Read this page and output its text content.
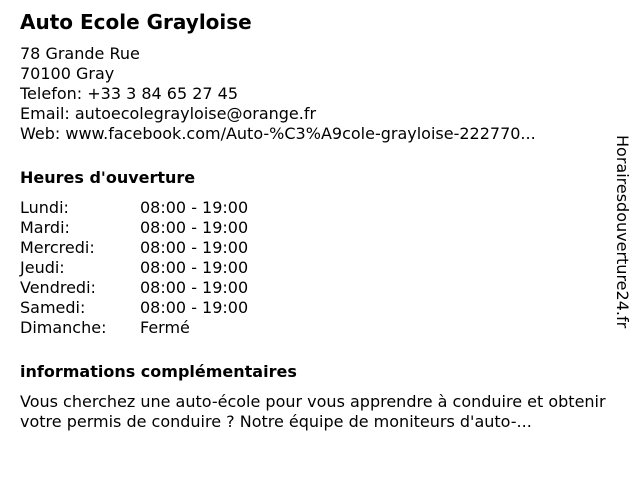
Auto Ecole Grayloise
78 Grande Rue
70100 Gray
Telefon: +33 3 84 65 27 45
Email: autoecolegrayloise@orange.fr
Web: www.facebook.com/Auto-%C3%A9cole-grayloise-222770...
Heures d'ouverture
Lundi:	08:00 - 19:00
Mardi:	08:00 - 19:00
Mercredi:	08:00 - 19:00
Jeudi:	08:00 - 19:00
Vendredi:	08:00 - 19:00
Samedi:	08:00 - 19:00
Dimanche:	Fermé
informations complémentaires
Vous cherchez une auto-école pour vous apprendre à conduire et obtenir votre permis de conduire ? Notre équipe de moniteurs d'auto-...
Horairesdouverture24.fr
